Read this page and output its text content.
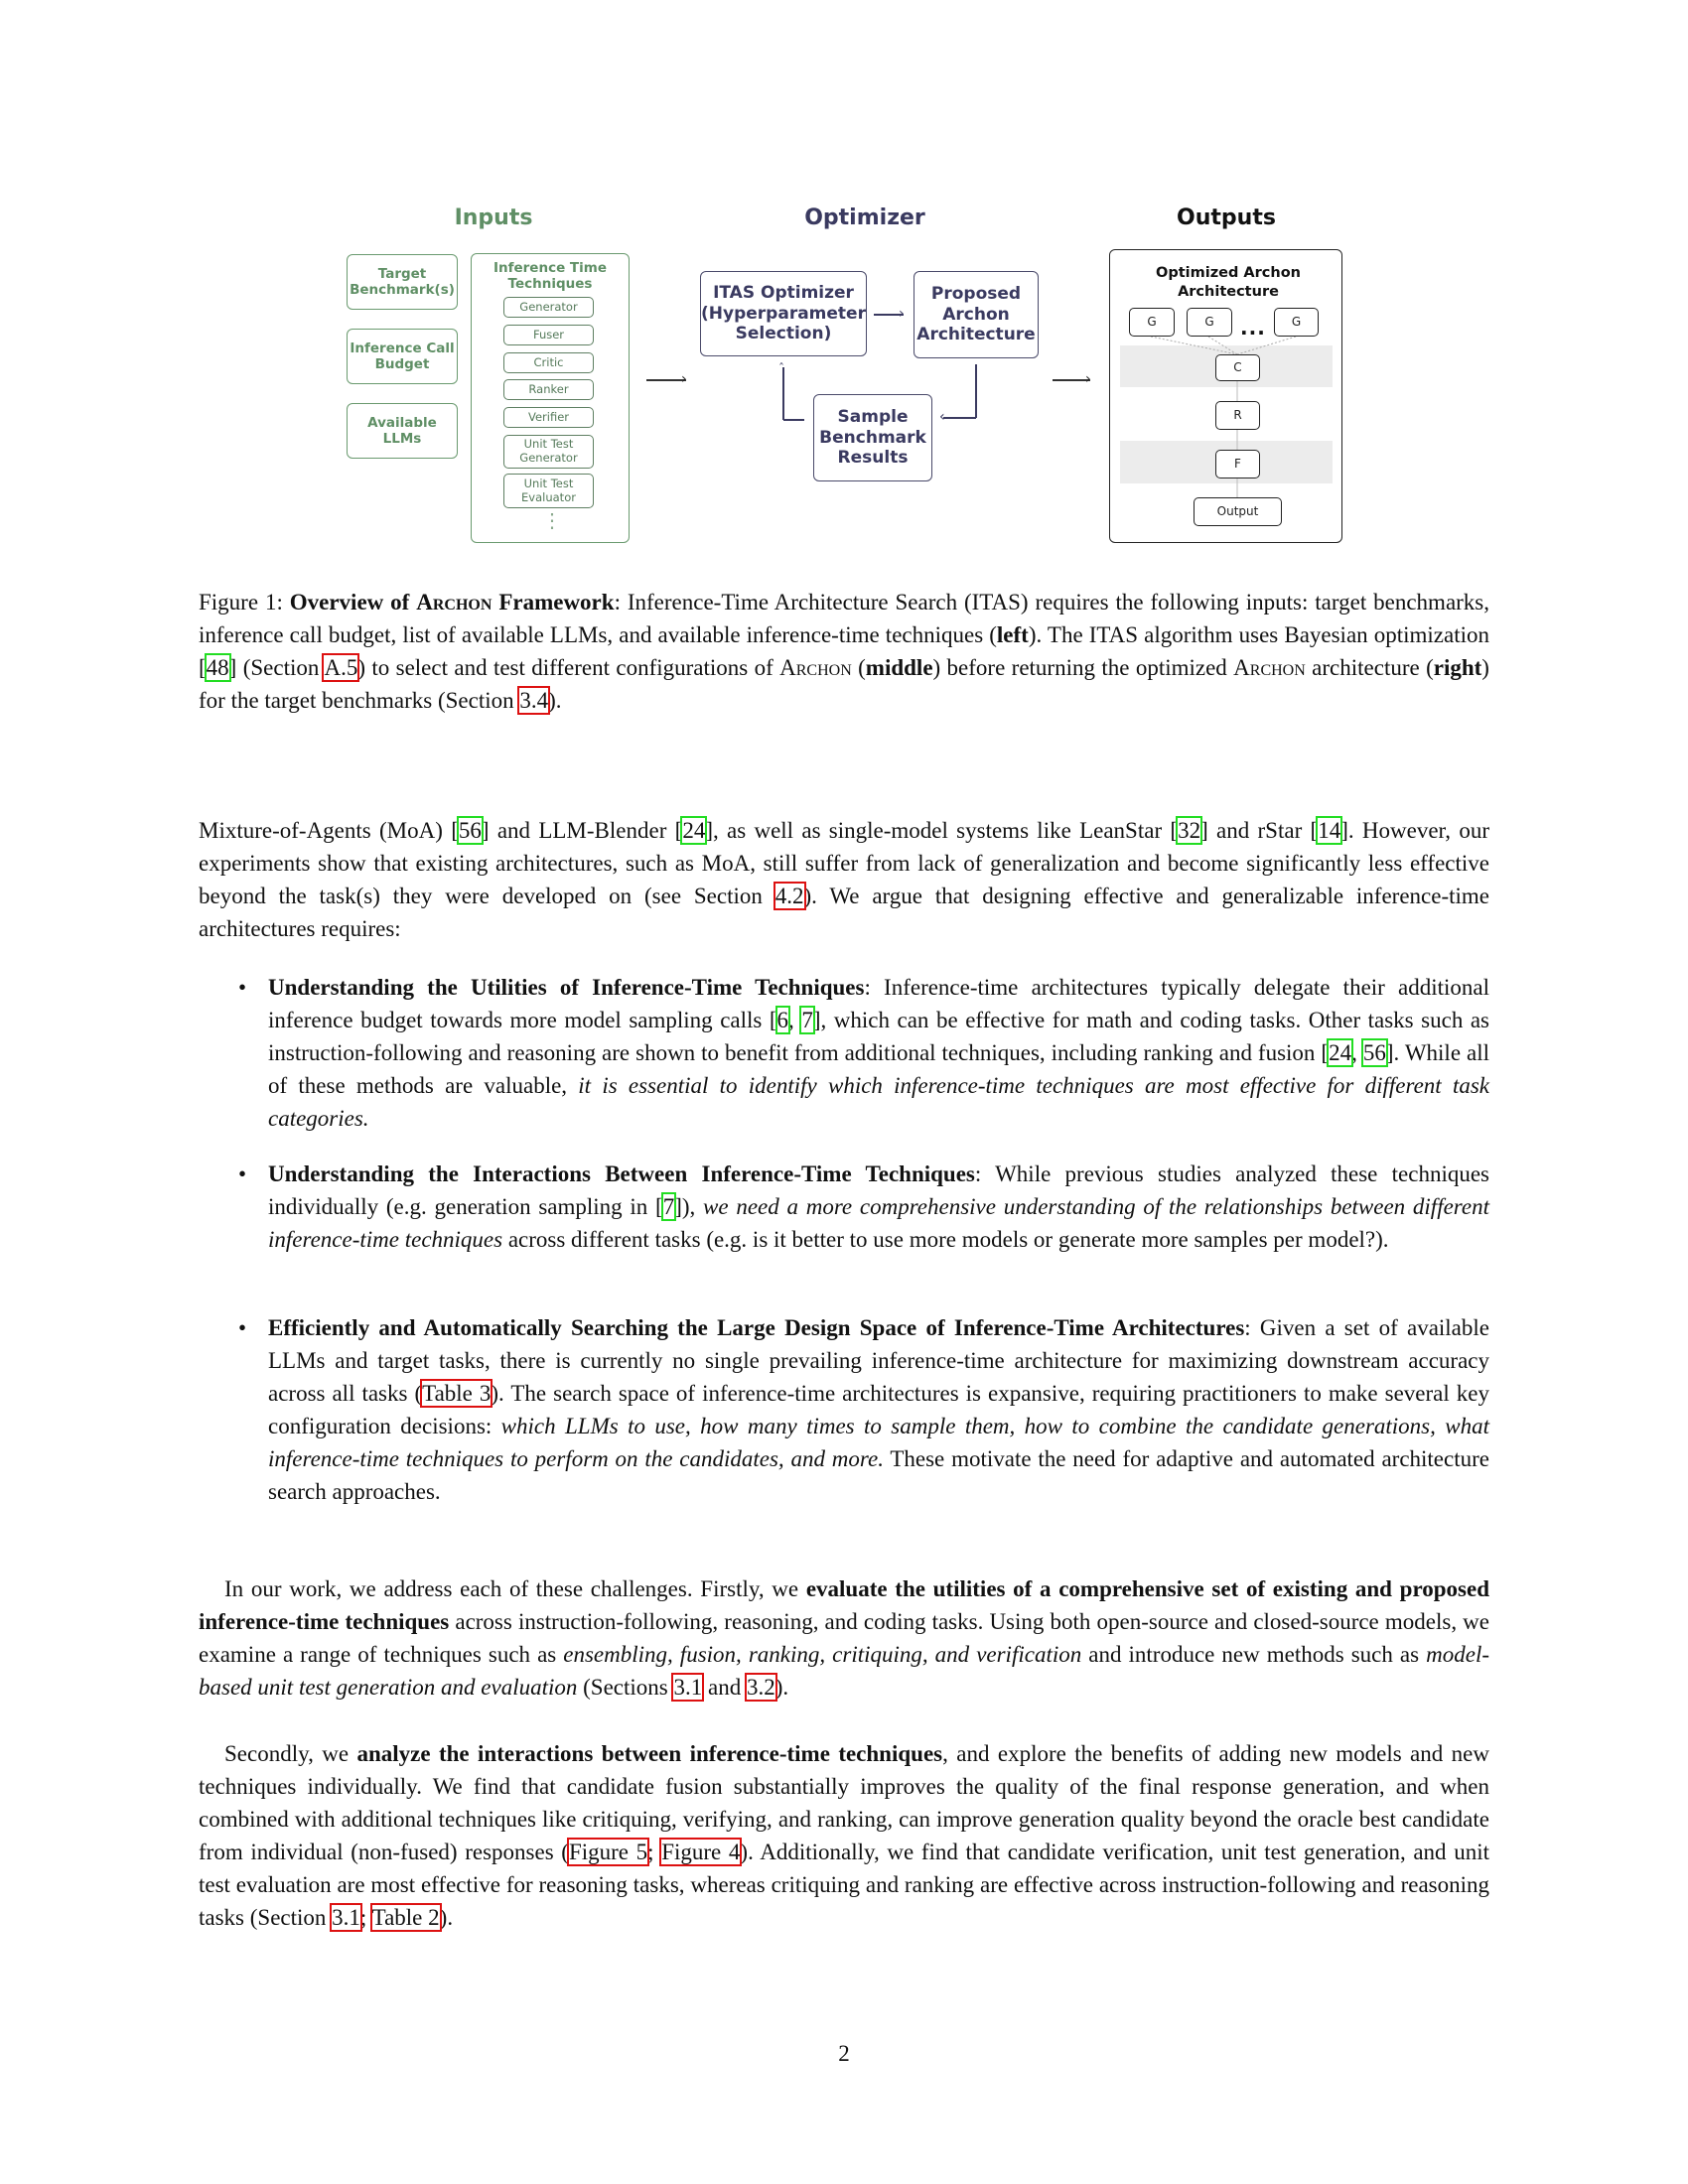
Inputs
Target Benchmark(s)
Inference Call Budget
Available LLMs
Inference Time Techniques
Generator
Fuser
Critic
Ranker
Verifier
Unit Test Generator
Unit Test Evaluator
⋮
›
Optimizer
ITAS Optimizer (Hyperparameter Selection)
›
Proposed Archon Architecture
Sample Benchmark Results
‹
ˆ
›
Outputs
Optimized Archon Architecture
G	G	...	G
C
R
F
Output

Figure 1: Overview of Archon Framework: Inference-Time Architecture Search (ITAS) requires the following inputs: target benchmarks, inference call budget, list of available LLMs, and available inference-time techniques (left). The ITAS algorithm uses Bayesian optimization [48] (Section A.5) to select and test different configurations of Archon (middle) before returning the optimized Archon architecture (right) for the target benchmarks (Section 3.4).

Mixture-of-Agents (MoA) [56] and LLM-Blender [24], as well as single-model systems like LeanStar [32] and rStar [14]. However, our experiments show that existing architectures, such as MoA, still suffer from lack of generalization and become significantly less effective beyond the task(s) they were developed on (see Section 4.2). We argue that designing effective and generalizable inference-time architectures requires:

• Understanding the Utilities of Inference-Time Techniques: Inference-time architectures typically delegate their additional inference budget towards more model sampling calls [6, 7], which can be effective for math and coding tasks. Other tasks such as instruction-following and reasoning are shown to benefit from additional techniques, including ranking and fusion [24, 56]. While all of these methods are valuable, it is essential to identify which inference-time techniques are most effective for different task categories.

• Understanding the Interactions Between Inference-Time Techniques: While previous studies analyzed these techniques individually (e.g. generation sampling in [7]), we need a more comprehensive understanding of the relationships between different inference-time techniques across different tasks (e.g. is it better to use more models or generate more samples per model?).

• Efficiently and Automatically Searching the Large Design Space of Inference-Time Architectures: Given a set of available LLMs and target tasks, there is currently no single prevailing inference-time architecture for maximizing downstream accuracy across all tasks (Table 3). The search space of inference-time architectures is expansive, requiring practitioners to make several key configuration decisions: which LLMs to use, how many times to sample them, how to combine the candidate generations, what inference-time techniques to perform on the candidates, and more. These motivate the need for adaptive and automated architecture search approaches.

In our work, we address each of these challenges. Firstly, we evaluate the utilities of a comprehensive set of existing and proposed inference-time techniques across instruction-following, reasoning, and coding tasks. Using both open-source and closed-source models, we examine a range of techniques such as ensembling, fusion, ranking, critiquing, and verification and introduce new methods such as model-based unit test generation and evaluation (Sections 3.1 and 3.2).

Secondly, we analyze the interactions between inference-time techniques, and explore the benefits of adding new models and new techniques individually. We find that candidate fusion substantially improves the quality of the final response generation, and when combined with additional techniques like critiquing, verifying, and ranking, can improve generation quality beyond the oracle best candidate from individual (non-fused) responses (Figure 5; Figure 4). Additionally, we find that candidate verification, unit test generation, and unit test evaluation are most effective for reasoning tasks, whereas critiquing and ranking are effective across instruction-following and reasoning tasks (Section 3.1; Table 2).

2
